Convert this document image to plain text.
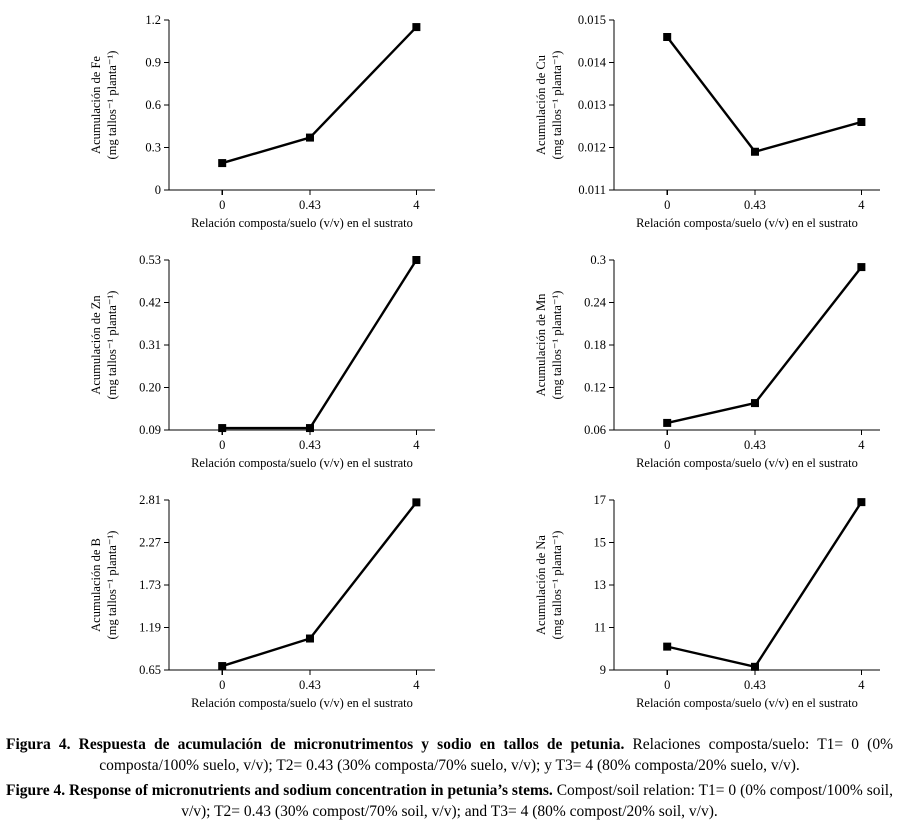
0
0.3
0.6
0.9
1.2
0	0.43	4
Relación composta/suelo (v/v) en el sustrato
Acumulación de Fe (mg tallos⁻¹ planta⁻¹)
0.011
0.012
0.013
0.014
0.015
0	0.43	4
Relación composta/suelo (v/v) en el sustrato
Acumulación de Cu (mg tallos⁻¹ planta⁻¹)
0.09
0.20
0.31
0.42
0.53
0	0.43	4
Relación composta/suelo (v/v) en el sustrato
Acumulación de Zn (mg tallos⁻¹ planta⁻¹)
0.06
0.12
0.18
0.24
0.3
0	0.43	4
Relación composta/suelo (v/v) en el sustrato
Acumulación de Mn (mg tallos⁻¹ planta⁻¹)
0.65
1.19
1.73
2.27
2.81
0	0.43	4
Relación composta/suelo (v/v) en el sustrato
Acumulación de B (mg tallos⁻¹ planta⁻¹)
9
11
13
15
17
0	0.43	4
Relación composta/suelo (v/v) en el sustrato
Acumulación de Na (mg tallos⁻¹ planta⁻¹)

Figura 4. Respuesta de acumulación de micronutrimentos y sodio en tallos de petunia. Relaciones composta/suelo: T1= 0 (0% composta/100% suelo, v/v); T2= 0.43 (30% composta/70% suelo, v/v); y T3= 4 (80% composta/20% suelo, v/v).

Figure 4. Response of micronutrients and sodium concentration in petunia’s stems. Compost/soil relation: T1= 0 (0% compost/100% soil, v/v); T2= 0.43 (30% compost/70% soil, v/v); and T3= 4 (80% compost/20% soil, v/v).
